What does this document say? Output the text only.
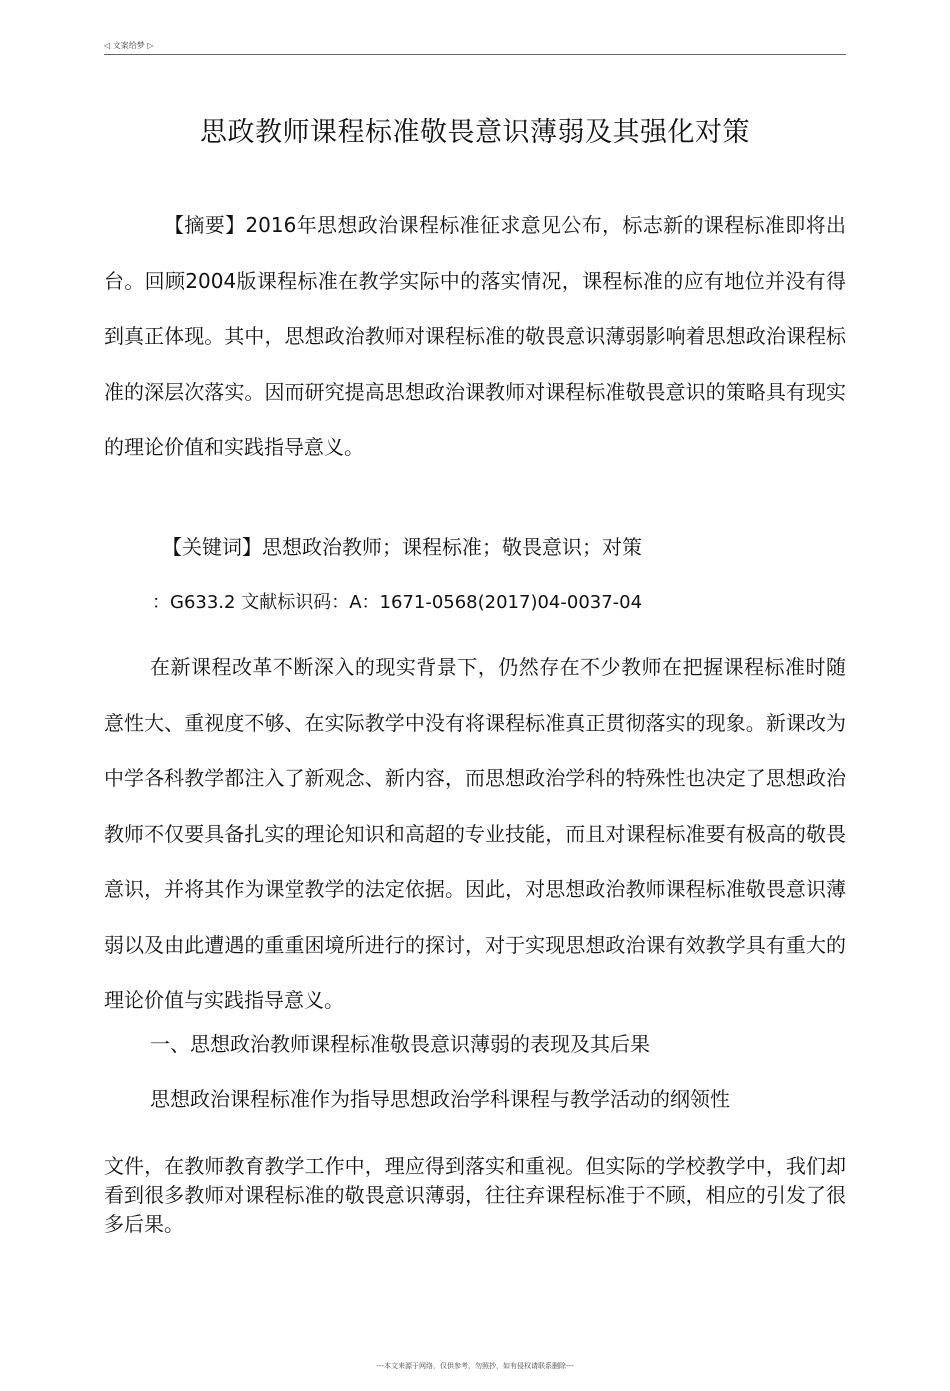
◁ 文案给梦 ▷
思政教师课程标准敬畏意识薄弱及其强化对策

【摘要】2016年思想政治课程标准征求意见公布，标志新的课程标准即将出台。回顾2004版课程标准在教学实际中的落实情况，课程标准的应有地位并没有得到真正体现。其中，思想政治教师对课程标准的敬畏意识薄弱影响着思想政治课程标准的深层次落实。因而研究提高思想政治课教师对课程标准敬畏意识的策略具有现实的理论价值和实践指导意义。

【关键词】思想政治教师；课程标准；敬畏意识；对策

：G633.2 文献标识码：A：1671-0568(2017)04-0037-04

在新课程改革不断深入的现实背景下，仍然存在不少教师在把握课程标准时随意性大、重视度不够、在实际教学中没有将课程标准真正贯彻落实的现象。新课改为中学各科教学都注入了新观念、新内容，而思想政治学科的特殊性也决定了思想政治教师不仅要具备扎实的理论知识和高超的专业技能，而且对课程标准要有极高的敬畏意识，并将其作为课堂教学的法定依据。因此，对思想政治教师课程标准敬畏意识薄弱以及由此遭遇的重重困境所进行的探讨，对于实现思想政治课有效教学具有重大的理论价值与实践指导意义。

一、思想政治教师课程标准敬畏意识薄弱的表现及其后果

思想政治课程标准作为指导思想政治学科课程与教学活动的纲领性

文件，在教师教育教学工作中，理应得到落实和重视。但实际的学校教学中，我们却看到很多教师对课程标准的敬畏意识薄弱，往往弃课程标准于不顾，相应的引发了很多后果。

---本文来源于网络，仅供参考，勿照抄，如有侵权请联系删除---
